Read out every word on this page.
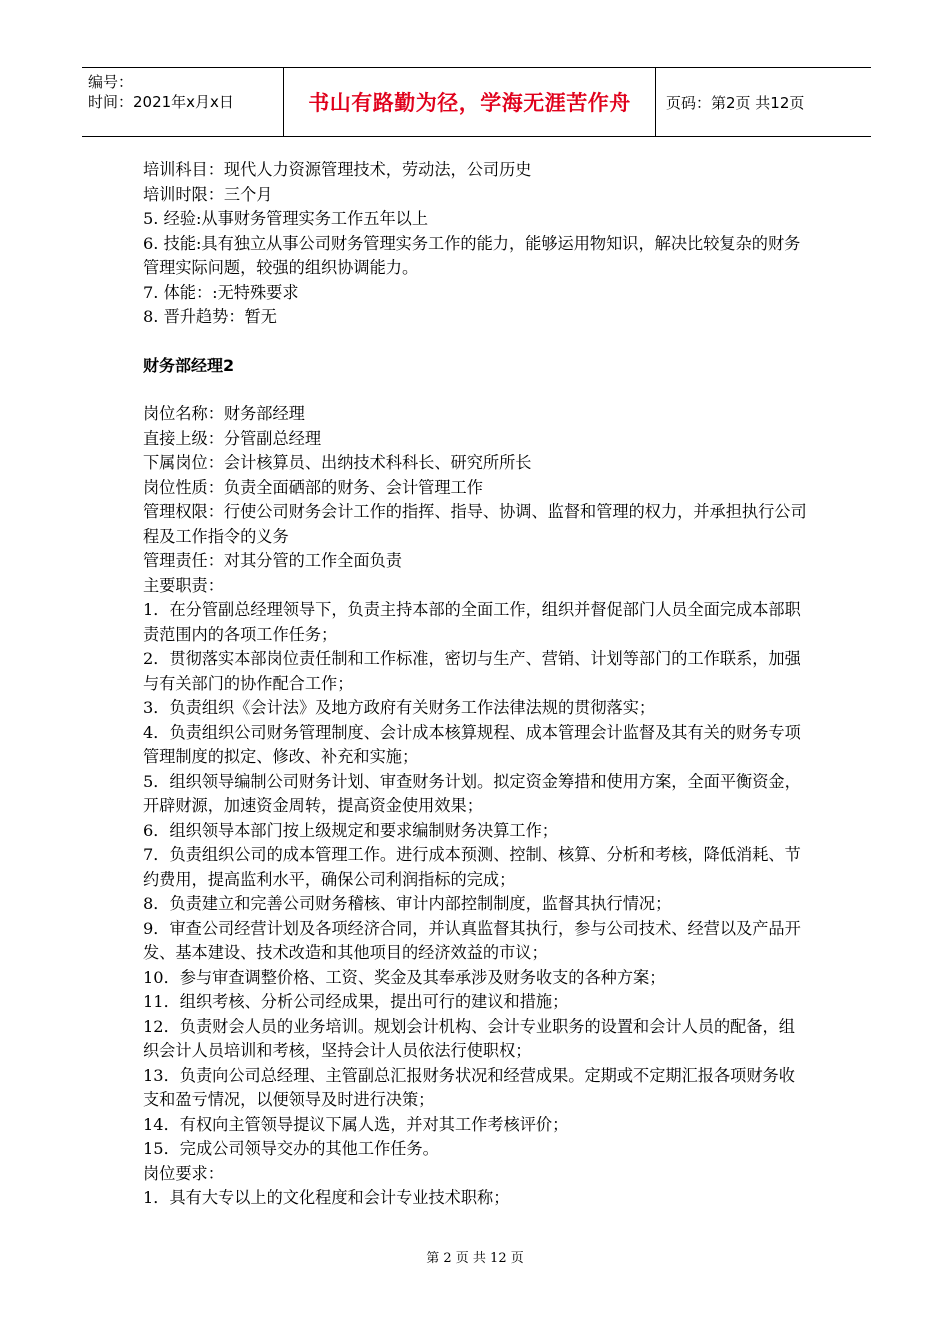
编号：
时间：2021年x月x日	书山有路勤为径，学海无涯苦作舟 页码：第2页 共12页

培训科目：现代人力资源管理技术，劳动法，公司历史

培训时限：三个月

5. 经验:从事财务管理实务工作五年以上

6. 技能:具有独立从事公司财务管理实务工作的能力，能够运用物知识，解决比较复杂的财务管理实际问题，较强的组织协调能力。

7. 体能：:无特殊要求

8. 晋升趋势：暂无

财务部经理2

岗位名称：财务部经理

直接上级：分管副总经理

下属岗位：会计核算员、出纳技术科科长、研究所所长

岗位性质：负责全面硒部的财务、会计管理工作

管理权限：行使公司财务会计工作的指挥、指导、协调、监督和管理的权力，并承担执行公司程及工作指令的义务

管理责任：对其分管的工作全面负责

主要职责：

1．在分管副总经理领导下，负责主持本部的全面工作，组织并督促部门人员全面完成本部职责范围内的各项工作任务；

2．贯彻落实本部岗位责任制和工作标准，密切与生产、营销、计划等部门的工作联系，加强与有关部门的协作配合工作；

3．负责组织《会计法》及地方政府有关财务工作法律法规的贯彻落实；

4．负责组织公司财务管理制度、会计成本核算规程、成本管理会计监督及其有关的财务专项管理制度的拟定、修改、补充和实施；

5．组织领导编制公司财务计划、审查财务计划。拟定资金筹措和使用方案，全面平衡资金，开辟财源，加速资金周转，提高资金使用效果；

6．组织领导本部门按上级规定和要求编制财务决算工作；

7．负责组织公司的成本管理工作。进行成本预测、控制、核算、分析和考核，降低消耗、节约费用，提高监利水平，确保公司利润指标的完成；

8．负责建立和完善公司财务稽核、审计内部控制制度，监督其执行情况；

9．审查公司经营计划及各项经济合同，并认真监督其执行，参与公司技术、经营以及产品开发、基本建设、技术改造和其他项目的经济效益的市议；

10．参与审查调整价格、工资、奖金及其奉承涉及财务收支的各种方案；

11．组织考核、分析公司经成果，提出可行的建议和措施；

12．负责财会人员的业务培训。规划会计机构、会计专业职务的设置和会计人员的配备，组织会计人员培训和考核，坚持会计人员依法行使职权；

13．负责向公司总经理、主管副总汇报财务状况和经营成果。定期或不定期汇报各项财务收支和盈亏情况，以便领导及时进行决策；

14．有权向主管领导提议下属人选，并对其工作考核评价；

15．完成公司领导交办的其他工作任务。

岗位要求：

1．具有大专以上的文化程度和会计专业技术职称；

第 2 页 共 12 页
